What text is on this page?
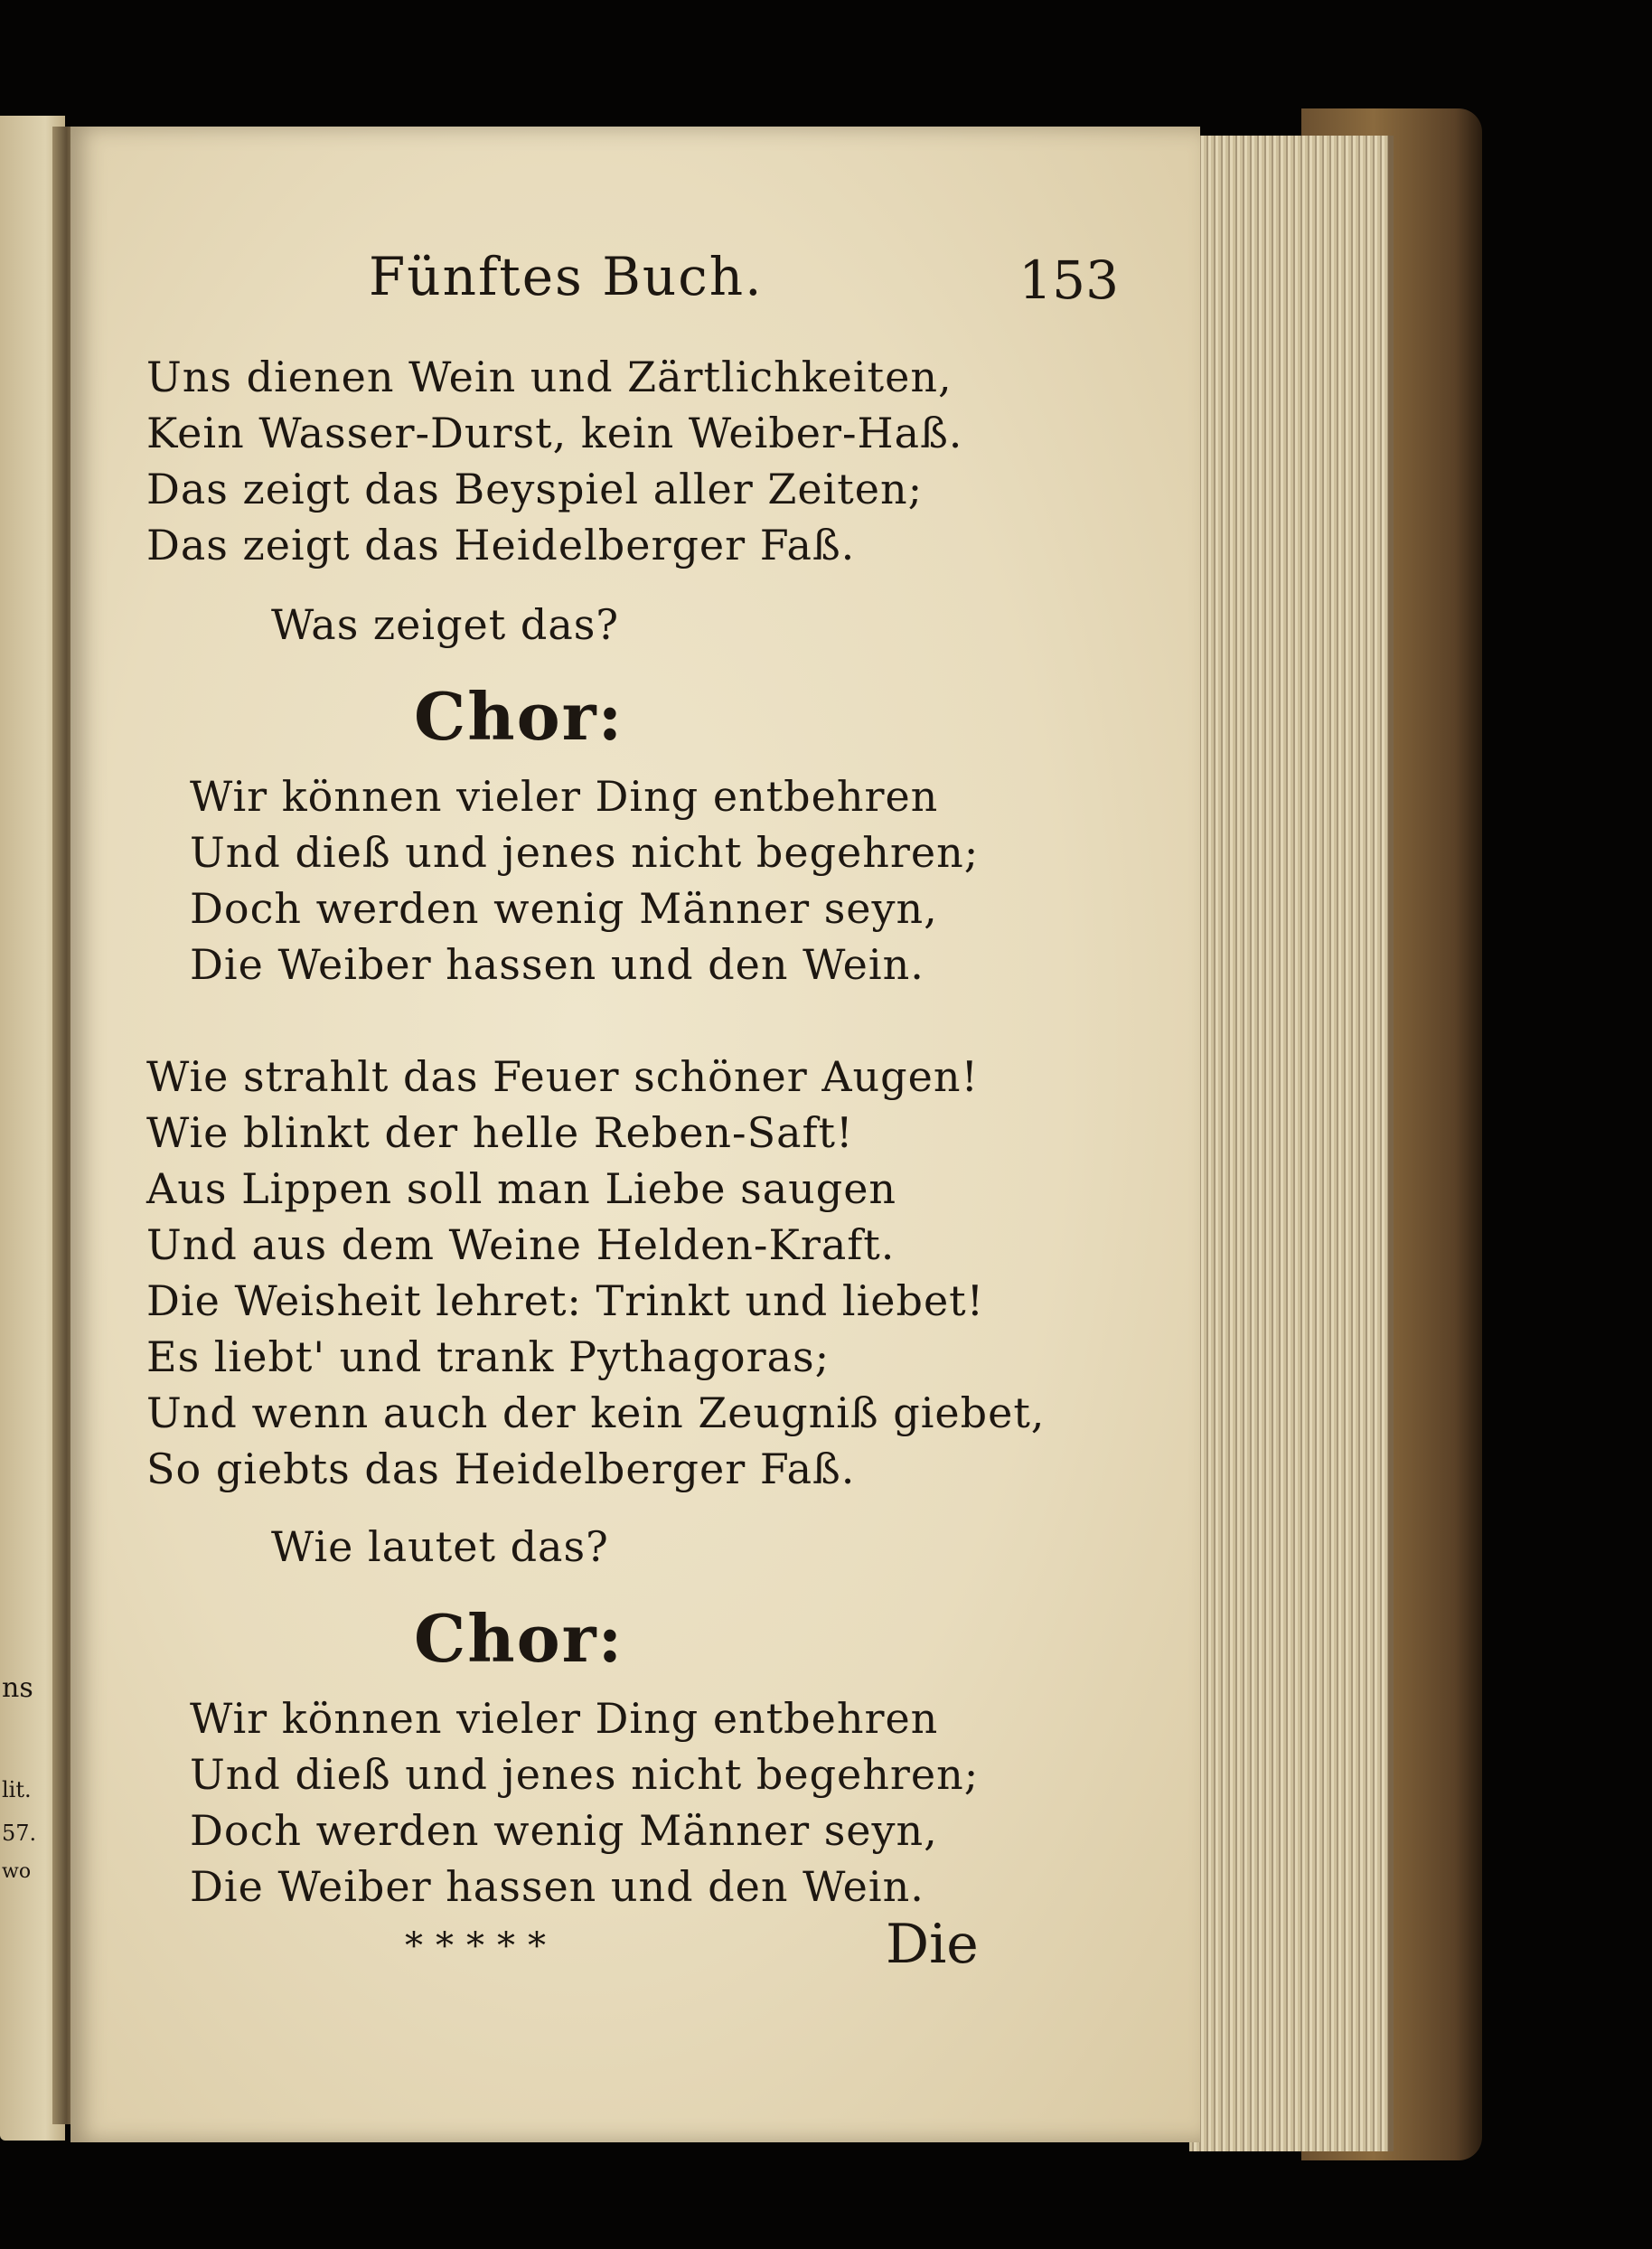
ns
lit.
57.
wo
Fünftes Buch.	153
Uns dienen Wein und Zärtlichkeiten,
Kein Wasser-Durst, kein Weiber-Haß.
Das zeigt das Beyspiel aller Zeiten;
Das zeigt das Heidelberger Faß.
Was zeiget das?
Chor:
Wir können vieler Ding entbehren
Und dieß und jenes nicht begehren;
Doch werden wenig Männer seyn,
Die Weiber hassen und den Wein.
Wie strahlt das Feuer schöner Augen!
Wie blinkt der helle Reben-Saft!
Aus Lippen soll man Liebe saugen
Und aus dem Weine Helden-Kraft.
Die Weisheit lehret: Trinkt und liebet!
Es liebt' und trank Pythagoras;
Und wenn auch der kein Zeugniß giebet,
So giebts das Heidelberger Faß.
Wie lautet das?
Chor:
Wir können vieler Ding entbehren
Und dieß und jenes nicht begehren;
Doch werden wenig Männer seyn,
Die Weiber hassen und den Wein.
*****	Die
